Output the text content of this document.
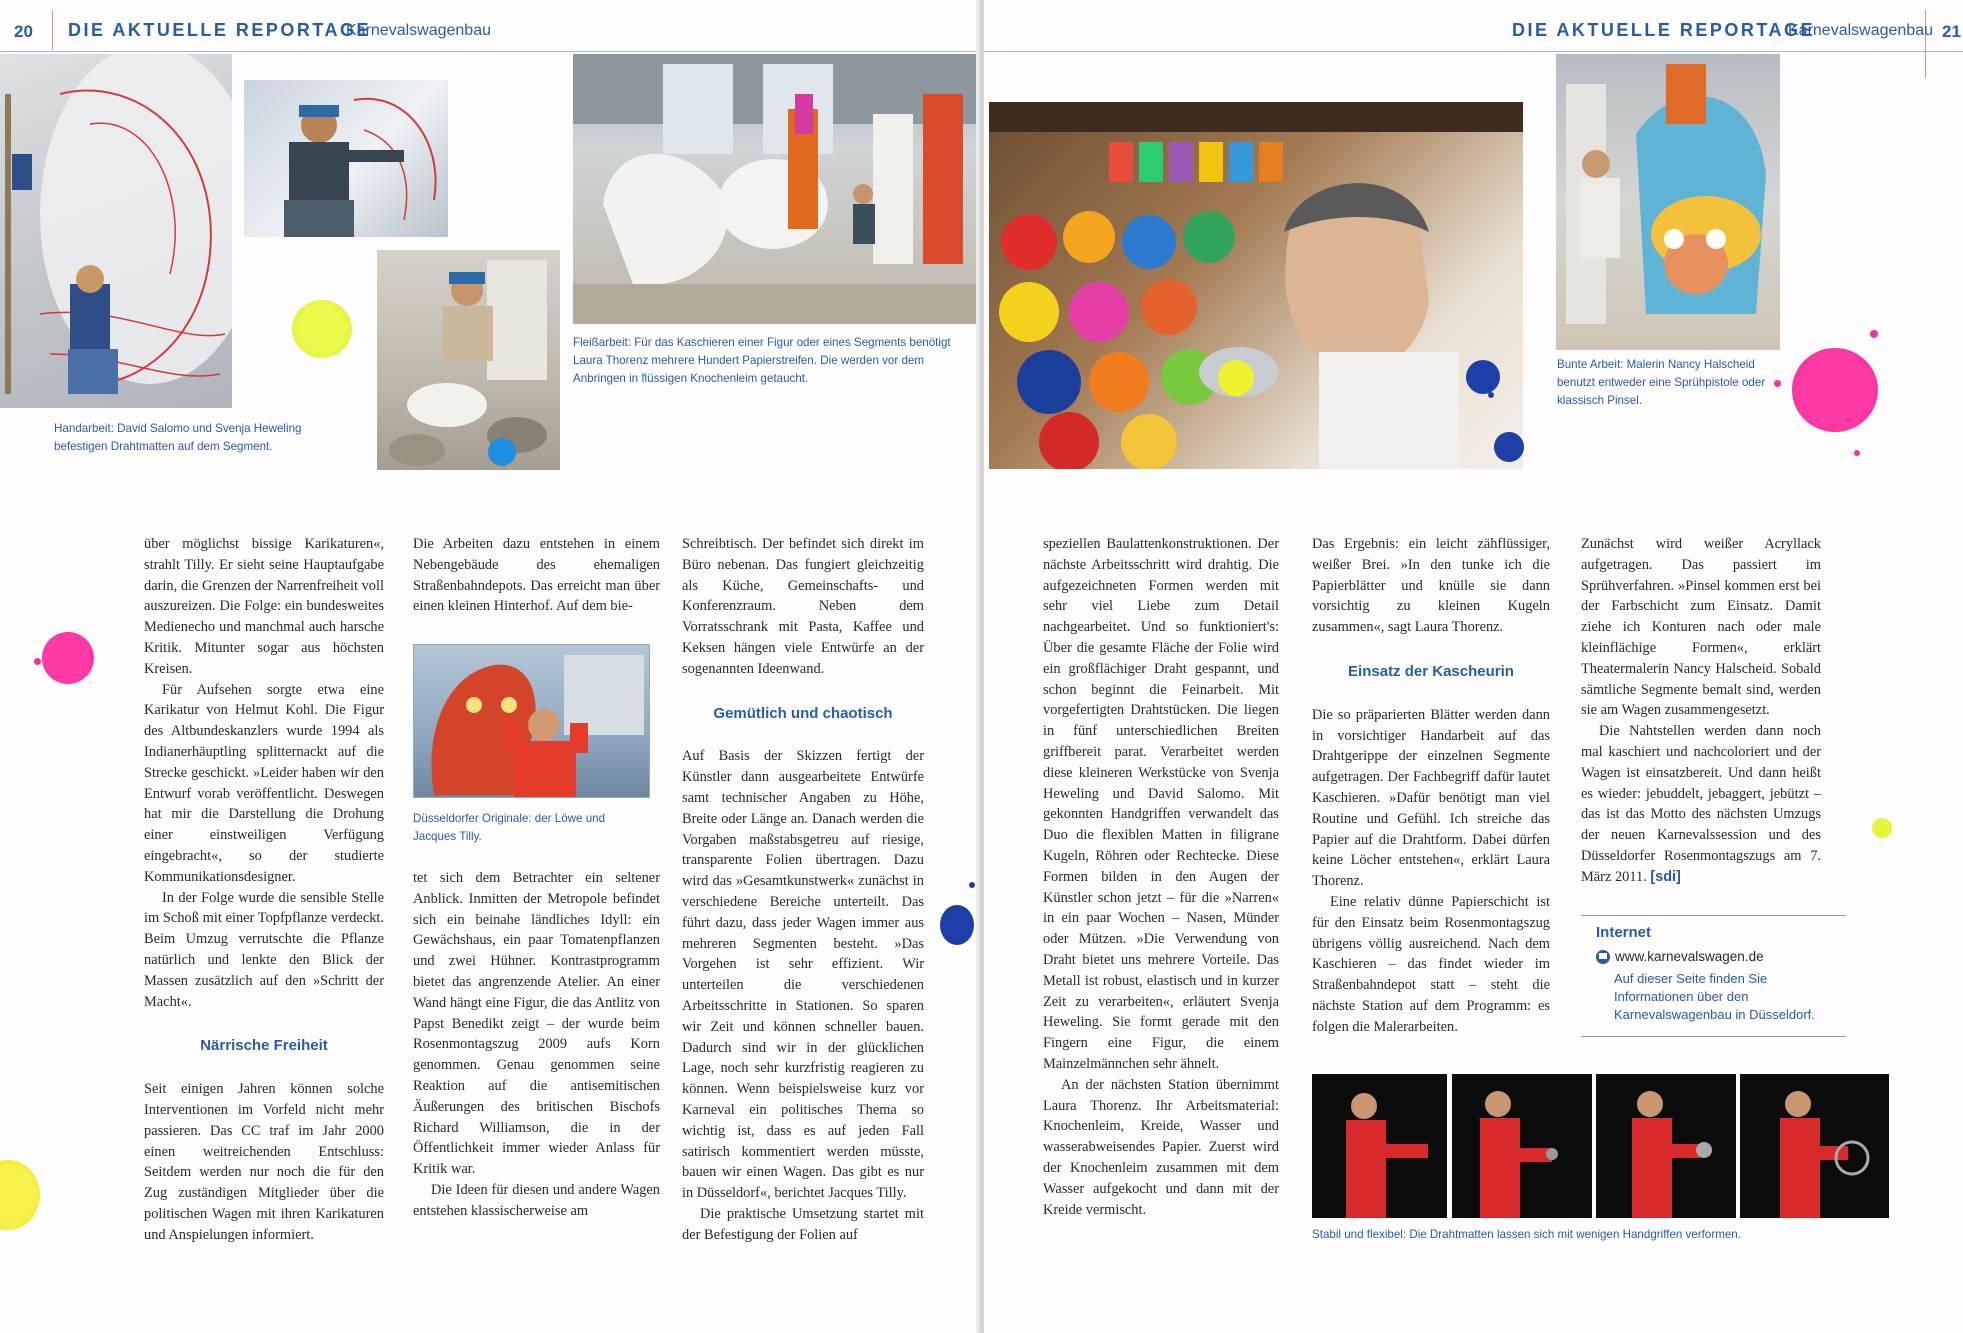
20 DIE AKTUELLE REPORTAGE
Karnevalswagenbau
Handarbeit: David Salomo und Svenja Heweling befestigen Drahtmatten auf dem Segment.
Fleißarbeit: Für das Kaschieren einer Figur oder eines Segments benötigt Laura Thorenz mehrere Hundert Papierstreifen. Die werden vor dem Anbringen in flüssigen Knochenleim getaucht.

über möglichst bissige Karikaturen«, strahlt Tilly. Er sieht seine Hauptaufgabe darin, die Grenzen der Narrenfreiheit voll auszureizen. Die Folge: ein bundesweites Medienecho und manchmal auch harsche Kritik. Mitunter sogar aus höchsten Kreisen.

Für Aufsehen sorgte etwa eine Karikatur von Helmut Kohl. Die Figur des Altbundeskanzlers wurde 1994 als Indianerhäuptling splitternackt auf die Strecke geschickt. »Leider haben wir den Entwurf vorab veröffentlicht. Deswegen hat mir die Darstellung die Drohung einer einstweiligen Verfügung eingebracht«, so der studierte Kommunikationsdesigner.

In der Folge wurde die sensible Stelle im Schoß mit einer Topfpflanze verdeckt. Beim Umzug verrutschte die Pflanze natürlich und lenkte den Blick der Massen zusätzlich auf den »Schritt der Macht«.

Närrische Freiheit

Seit einigen Jahren können solche Interventionen im Vorfeld nicht mehr passieren. Das CC traf im Jahr 2000 einen weitreichenden Entschluss: Seitdem werden nur noch die für den Zug zuständigen Mitglieder über die politischen Wagen mit ihren Karikaturen und Anspielungen informiert.

Die Arbeiten dazu entstehen in einem Nebengebäude des ehemaligen Straßenbahndepots. Das erreicht man über einen kleinen Hinterhof. Auf dem bie-

Düsseldorfer Originale: der Löwe und Jacques Tilly.

tet sich dem Betrachter ein seltener Anblick. Inmitten der Metropole befindet sich ein beinahe ländliches Idyll: ein Gewächshaus, ein paar Tomatenpflanzen und zwei Hühner. Kontrastprogramm bietet das angrenzende Atelier. An einer Wand hängt eine Figur, die das Antlitz von Papst Benedikt zeigt – der wurde beim Rosenmontagszug 2009 aufs Korn genommen. Genau genommen seine Reaktion auf die antisemitischen Äußerungen des britischen Bischofs Richard Williamson, die in der Öffentlichkeit immer wieder Anlass für Kritik war.

Die Ideen für diesen und andere Wagen entstehen klassischerweise am

Schreibtisch. Der befindet sich direkt im Büro nebenan. Das fungiert gleichzeitig als Küche, Gemeinschafts- und Konferenzraum. Neben dem Vorratsschrank mit Pasta, Kaffee und Keksen hängen viele Entwürfe an der sogenannten Ideenwand.

Gemütlich und chaotisch

Auf Basis der Skizzen fertigt der Künstler dann ausgearbeitete Entwürfe samt technischer Angaben zu Höhe, Breite oder Länge an. Danach werden die Vorgaben maßstabsgetreu auf riesige, transparente Folien übertragen. Dazu wird das »Gesamtkunstwerk« zunächst in verschiedene Bereiche unterteilt. Das führt dazu, dass jeder Wagen immer aus mehreren Segmenten besteht. »Das Vorgehen ist sehr effizient. Wir unterteilen die verschiedenen Arbeitsschritte in Stationen. So sparen wir Zeit und können schneller bauen. Dadurch sind wir in der glücklichen Lage, noch sehr kurzfristig reagieren zu können. Wenn beispielsweise kurz vor Karneval ein politisches Thema so wichtig ist, dass es auf jeden Fall satirisch kommentiert werden müsste, bauen wir einen Wagen. Das gibt es nur in Düsseldorf«, berichtet Jacques Tilly.

Die praktische Umsetzung startet mit der Befestigung der Folien auf

DIE AKTUELLE REPORTAGE
Karnevalswagenbau 21
Bunte Arbeit: Malerin Nancy Halscheid benutzt entweder eine Sprühpistole oder klassisch Pinsel.

speziellen Baulattenkonstruktionen. Der nächste Arbeitsschritt wird drahtig. Die aufgezeichneten Formen werden mit sehr viel Liebe zum Detail nachgearbeitet. Und so funktioniert's: Über die gesamte Fläche der Folie wird ein großflächiger Draht gespannt, und schon beginnt die Feinarbeit. Mit vorgefertigten Drahtstücken. Die liegen in fünf unterschiedlichen Breiten griffbereit parat. Verarbeitet werden diese kleineren Werkstücke von Svenja Heweling und David Salomo. Mit gekonnten Handgriffen verwandelt das Duo die flexiblen Matten in filigrane Kugeln, Röhren oder Rechtecke. Diese Formen bilden in den Augen der Künstler schon jetzt – für die »Narren« in ein paar Wochen – Nasen, Münder oder Mützen. »Die Verwendung von Draht bietet uns mehrere Vorteile. Das Metall ist robust, elastisch und in kurzer Zeit zu verarbeiten«, erläutert Svenja Heweling. Sie formt gerade mit den Fingern eine Figur, die einem Mainzelmännchen sehr ähnelt.

An der nächsten Station übernimmt Laura Thorenz. Ihr Arbeitsmaterial: Knochenleim, Kreide, Wasser und wasserabweisendes Papier. Zuerst wird der Knochenleim zusammen mit dem Wasser aufgekocht und dann mit der Kreide vermischt.

Das Ergebnis: ein leicht zähflüssiger, weißer Brei. »In den tunke ich die Papierblätter und knülle sie dann vorsichtig zu kleinen Kugeln zusammen«, sagt Laura Thorenz.

Einsatz der Kascheurin

Die so präparierten Blätter werden dann in vorsichtiger Handarbeit auf das Drahtgerippe der einzelnen Segmente aufgetragen. Der Fachbegriff dafür lautet Kaschieren. »Dafür benötigt man viel Routine und Gefühl. Ich streiche das Papier auf die Drahtform. Dabei dürfen keine Löcher entstehen«, erklärt Laura Thorenz.

Eine relativ dünne Papierschicht ist für den Einsatz beim Rosenmontagszug übrigens völlig ausreichend. Nach dem Kaschieren – das findet wieder im Straßenbahndepot statt – steht die nächste Station auf dem Programm: es folgen die Malerarbeiten.

Zunächst wird weißer Acryllack aufgetragen. Das passiert im Sprühverfahren. »Pinsel kommen erst bei der Farbschicht zum Einsatz. Damit ziehe ich Konturen nach oder male kleinflächige Formen«, erklärt Theatermalerin Nancy Halscheid. Sobald sämtliche Segmente bemalt sind, werden sie am Wagen zusammengesetzt.

Die Nahtstellen werden dann noch mal kaschiert und nachcoloriert und der Wagen ist einsatzbereit. Und dann heißt es wieder: jebuddelt, jebaggert, jebützt – das ist das Motto des nächsten Umzugs der neuen Karnevalssession und des Düsseldorfer Rosenmontagszugs am 7. März 2011. [sdi]

Internet
www.karnevalswagen.de
Auf dieser Seite finden Sie Informationen über den Karnevalswagenbau in Düsseldorf.
Stabil und flexibel: Die Drahtmatten lassen sich mit wenigen Handgriffen verformen.
